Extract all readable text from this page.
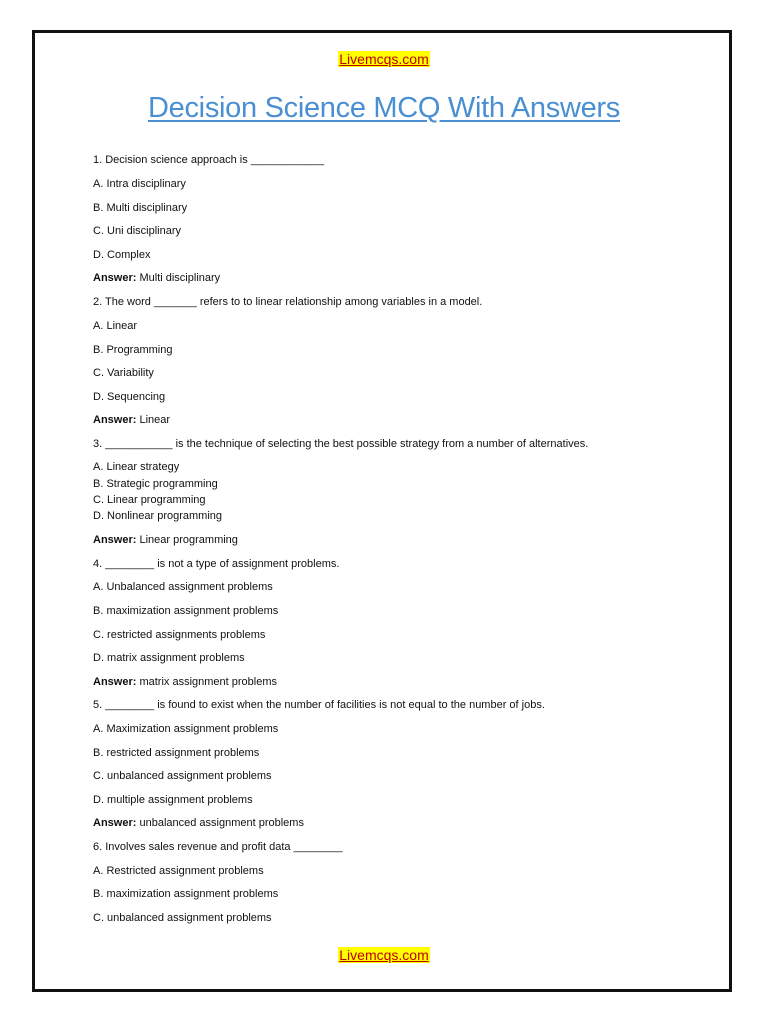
Livemcqs.com
Decision Science MCQ With Answers
1. Decision science approach is ____________
A. Intra disciplinary
B. Multi disciplinary
C. Uni disciplinary
D. Complex
Answer: Multi disciplinary
2. The word _______ refers to to linear relationship among variables in a model.
A. Linear
B. Programming
C. Variability
D. Sequencing
Answer: Linear
3. ___________ is the technique of selecting the best possible strategy from a number of alternatives.
A. Linear strategy
B. Strategic programming
C. Linear programming
D. Nonlinear programming
Answer: Linear programming
4. ________ is not a type of assignment problems.
A. Unbalanced assignment problems
B. maximization assignment problems
C. restricted assignments problems
D. matrix assignment problems
Answer: matrix assignment problems
5. ________ is found to exist when the number of facilities is not equal to the number of jobs.
A. Maximization assignment problems
B. restricted assignment problems
C. unbalanced assignment problems
D. multiple assignment problems
Answer: unbalanced assignment problems
6. Involves sales revenue and profit data ________
A. Restricted assignment problems
B. maximization assignment problems
C. unbalanced assignment problems
Livemcqs.com
